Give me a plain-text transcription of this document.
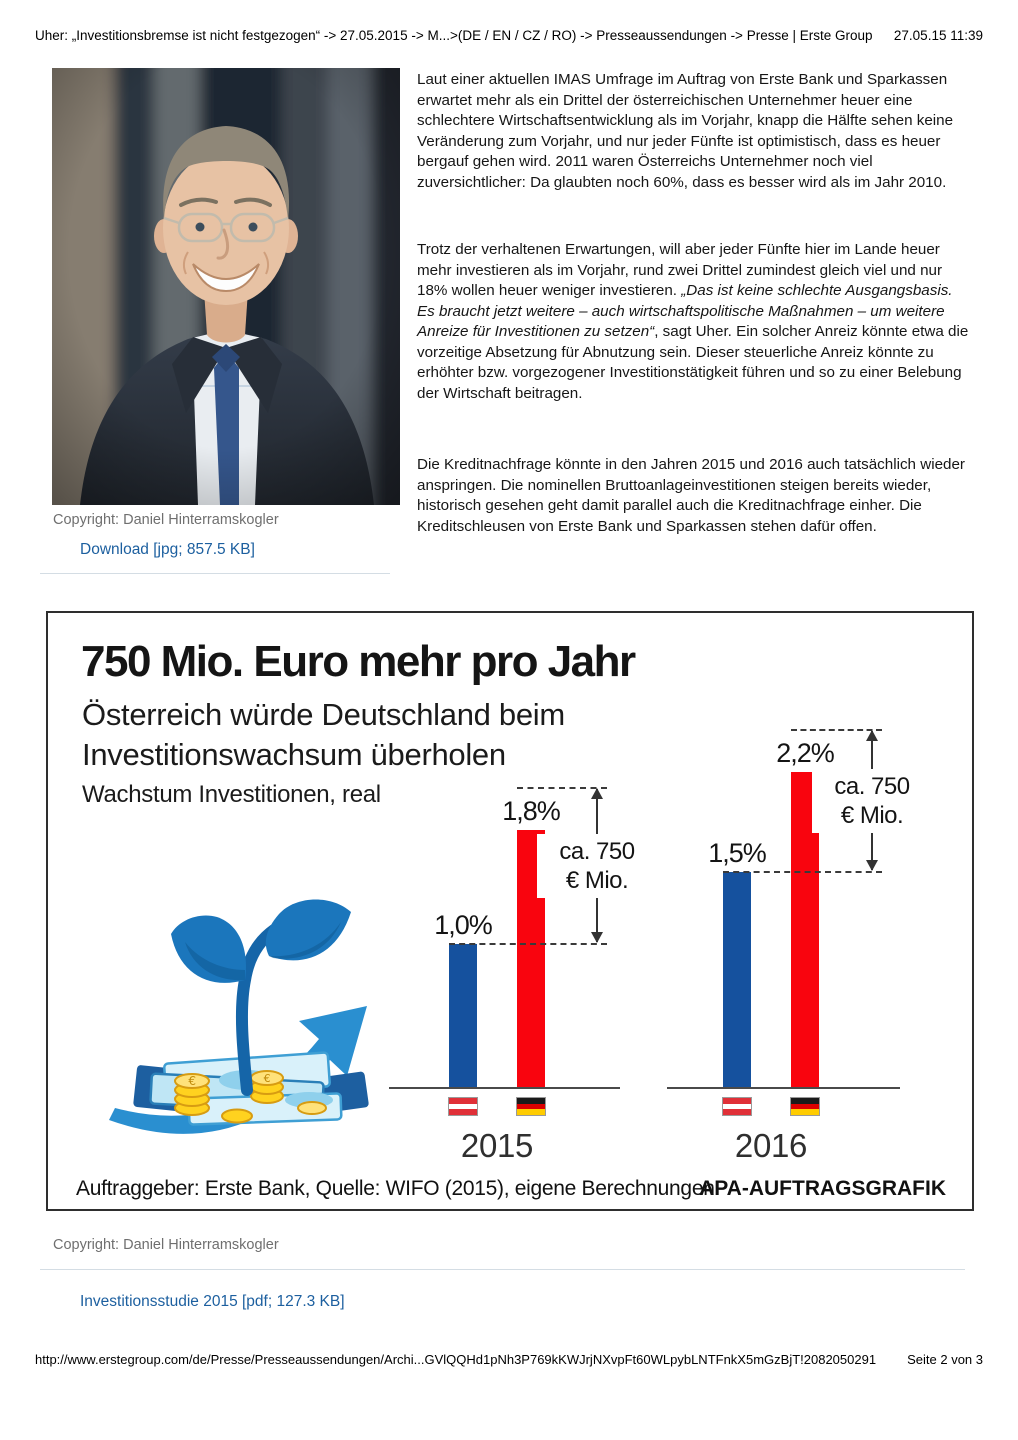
Uher: „Investitionsbremse ist nicht festgezogen“ -> 27.05.2015 -> M...>(DE / EN / CZ / RO) -> Presseaussendungen -> Presse | Erste Group 27.05.15 11:39
Copyright: Daniel Hinterramskogler
Download [jpg; 857.5 KB]

Laut einer aktuellen IMAS Umfrage im Auftrag von Erste Bank und Sparkassen erwartet mehr als ein Drittel der österreichischen Unternehmer heuer eine schlechtere Wirtschaftsentwicklung als im Vorjahr, knapp die Hälfte sehen keine Veränderung zum Vorjahr, und nur jeder Fünfte ist optimistisch, dass es heuer bergauf gehen wird. 2011 waren Österreichs Unternehmer noch viel zuversichtlicher: Da glaubten noch 60%, dass es besser wird als im Jahr 2010.

Trotz der verhaltenen Erwartungen, will aber jeder Fünfte hier im Lande heuer mehr investieren als im Vorjahr, rund zwei Drittel zumindest gleich viel und nur 18% wollen heuer weniger investieren. „Das ist keine schlechte Ausgangsbasis. Es braucht jetzt weitere – auch wirtschaftspolitische Maßnahmen – um weitere Anreize für Investitionen zu setzen“, sagt Uher. Ein solcher Anreiz könnte etwa die vorzeitige Absetzung für Abnutzung sein. Dieser steuerliche Anreiz könnte zu erhöhter bzw. vorgezogener Investitionstätigkeit führen und so zu einer Belebung der Wirtschaft beitragen.

Die Kreditnachfrage könnte in den Jahren 2015 und 2016 auch tatsächlich wieder anspringen. Die nominellen Bruttoanlageinvestitionen steigen bereits wieder, historisch gesehen geht damit parallel auch die Kreditnachfrage einher. Die Kreditschleusen von Erste Bank und Sparkassen stehen dafür offen.

750 Mio. Euro mehr pro Jahr
Österreich würde Deutschland beim
Investitionswachsum überholen
Wachstum Investitionen, real
€	€
1,0%
1,8%
ca. 750
€ Mio.
2015
1,5%
2,2%
ca. 750
€ Mio.
2016
Auftraggeber: Erste Bank, Quelle: WIFO (2015), eigene Berechnungen
APA-AUFTRAGSGRAFIK
Copyright: Daniel Hinterramskogler
Investitionsstudie 2015 [pdf; 127.3 KB]
http://www.erstegroup.com/de/Presse/Presseaussendungen/Archi...GVlQQHd1pNh3P769kKWJrjNXvpFt60WLpybLNTFnkX5mGzBjT!2082050291 Seite 2 von 3
